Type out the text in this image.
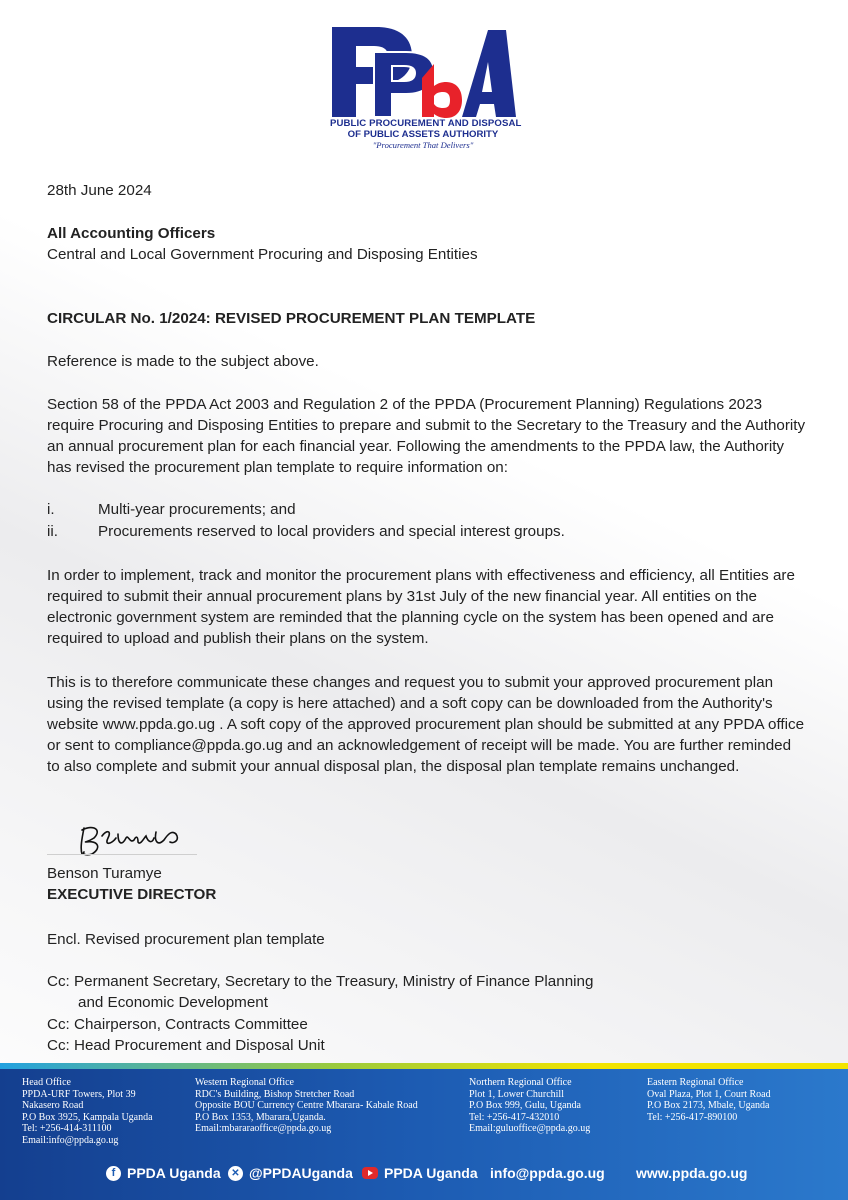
PUBLIC PROCUREMENT AND DISPOSAL
OF PUBLIC ASSETS AUTHORITY
"Procurement That Delivers"
28th June 2024
All Accounting Officers
Central and Local Government Procuring and Disposing Entities
CIRCULAR No. 1/2024: REVISED PROCUREMENT PLAN TEMPLATE
Reference is made to the subject above.
Section 58 of the PPDA Act 2003 and Regulation 2 of the PPDA (Procurement Planning) Regulations 2023 require Procuring and Disposing Entities to prepare and submit to the Secretary to the Treasury and the Authority an annual procurement plan for each financial year. Following the amendments to the PPDA law, the Authority has revised the procurement plan template to require information on:
i.	Multi-year procurements; and
ii.	Procurements reserved to local providers and special interest groups.
In order to implement, track and monitor the procurement plans with effectiveness and efficiency, all Entities are required to submit their annual procurement plans by 31st July of the new financial year. All entities on the electronic government system are reminded that the planning cycle on the system has been opened and are required to upload and publish their plans on the system.
This is to therefore communicate these changes and request you to submit your approved procurement plan using the revised template (a copy is here attached) and a soft copy can be downloaded from the Authority's website www.ppda.go.ug . A soft copy of the approved procurement plan should be submitted at any PPDA office or sent to compliance@ppda.go.ug and an acknowledgement of receipt will be made. You are further reminded to also complete and submit your annual disposal plan, the disposal plan template remains unchanged.
Benson Turamye
EXECUTIVE DIRECTOR
Encl. Revised procurement plan template
Cc: Permanent Secretary, Secretary to the Treasury, Ministry of Finance Planning
and Economic Development
Cc: Chairperson, Contracts Committee
Cc: Head Procurement and Disposal Unit
Head Office
PPDA-URF Towers, Plot 39
Nakasero Road
P.O Box 3925, Kampala Uganda
Tel: +256-414-311100
Email:info@ppda.go.ug
Western Regional Office
RDC's Building, Bishop Stretcher Road
Opposite BOU Currency Centre Mbarara- Kabale Road
P.O Box 1353, Mbarara,Uganda.
Email:mbararaoffice@ppda.go.ug
Northern Regional Office
Plot 1, Lower Churchill
P.O Box 999, Gulu, Uganda
Tel: +256-417-432010
Email:guluoffice@ppda.go.ug
Eastern Regional Office
Oval Plaza, Plot 1, Court Road
P.O Box 2173, Mbale, Uganda
Tel: +256-417-890100
f PPDA Uganda	✕ @PPDAUganda PPDA Uganda info@ppda.go.ug www.ppda.go.ug
